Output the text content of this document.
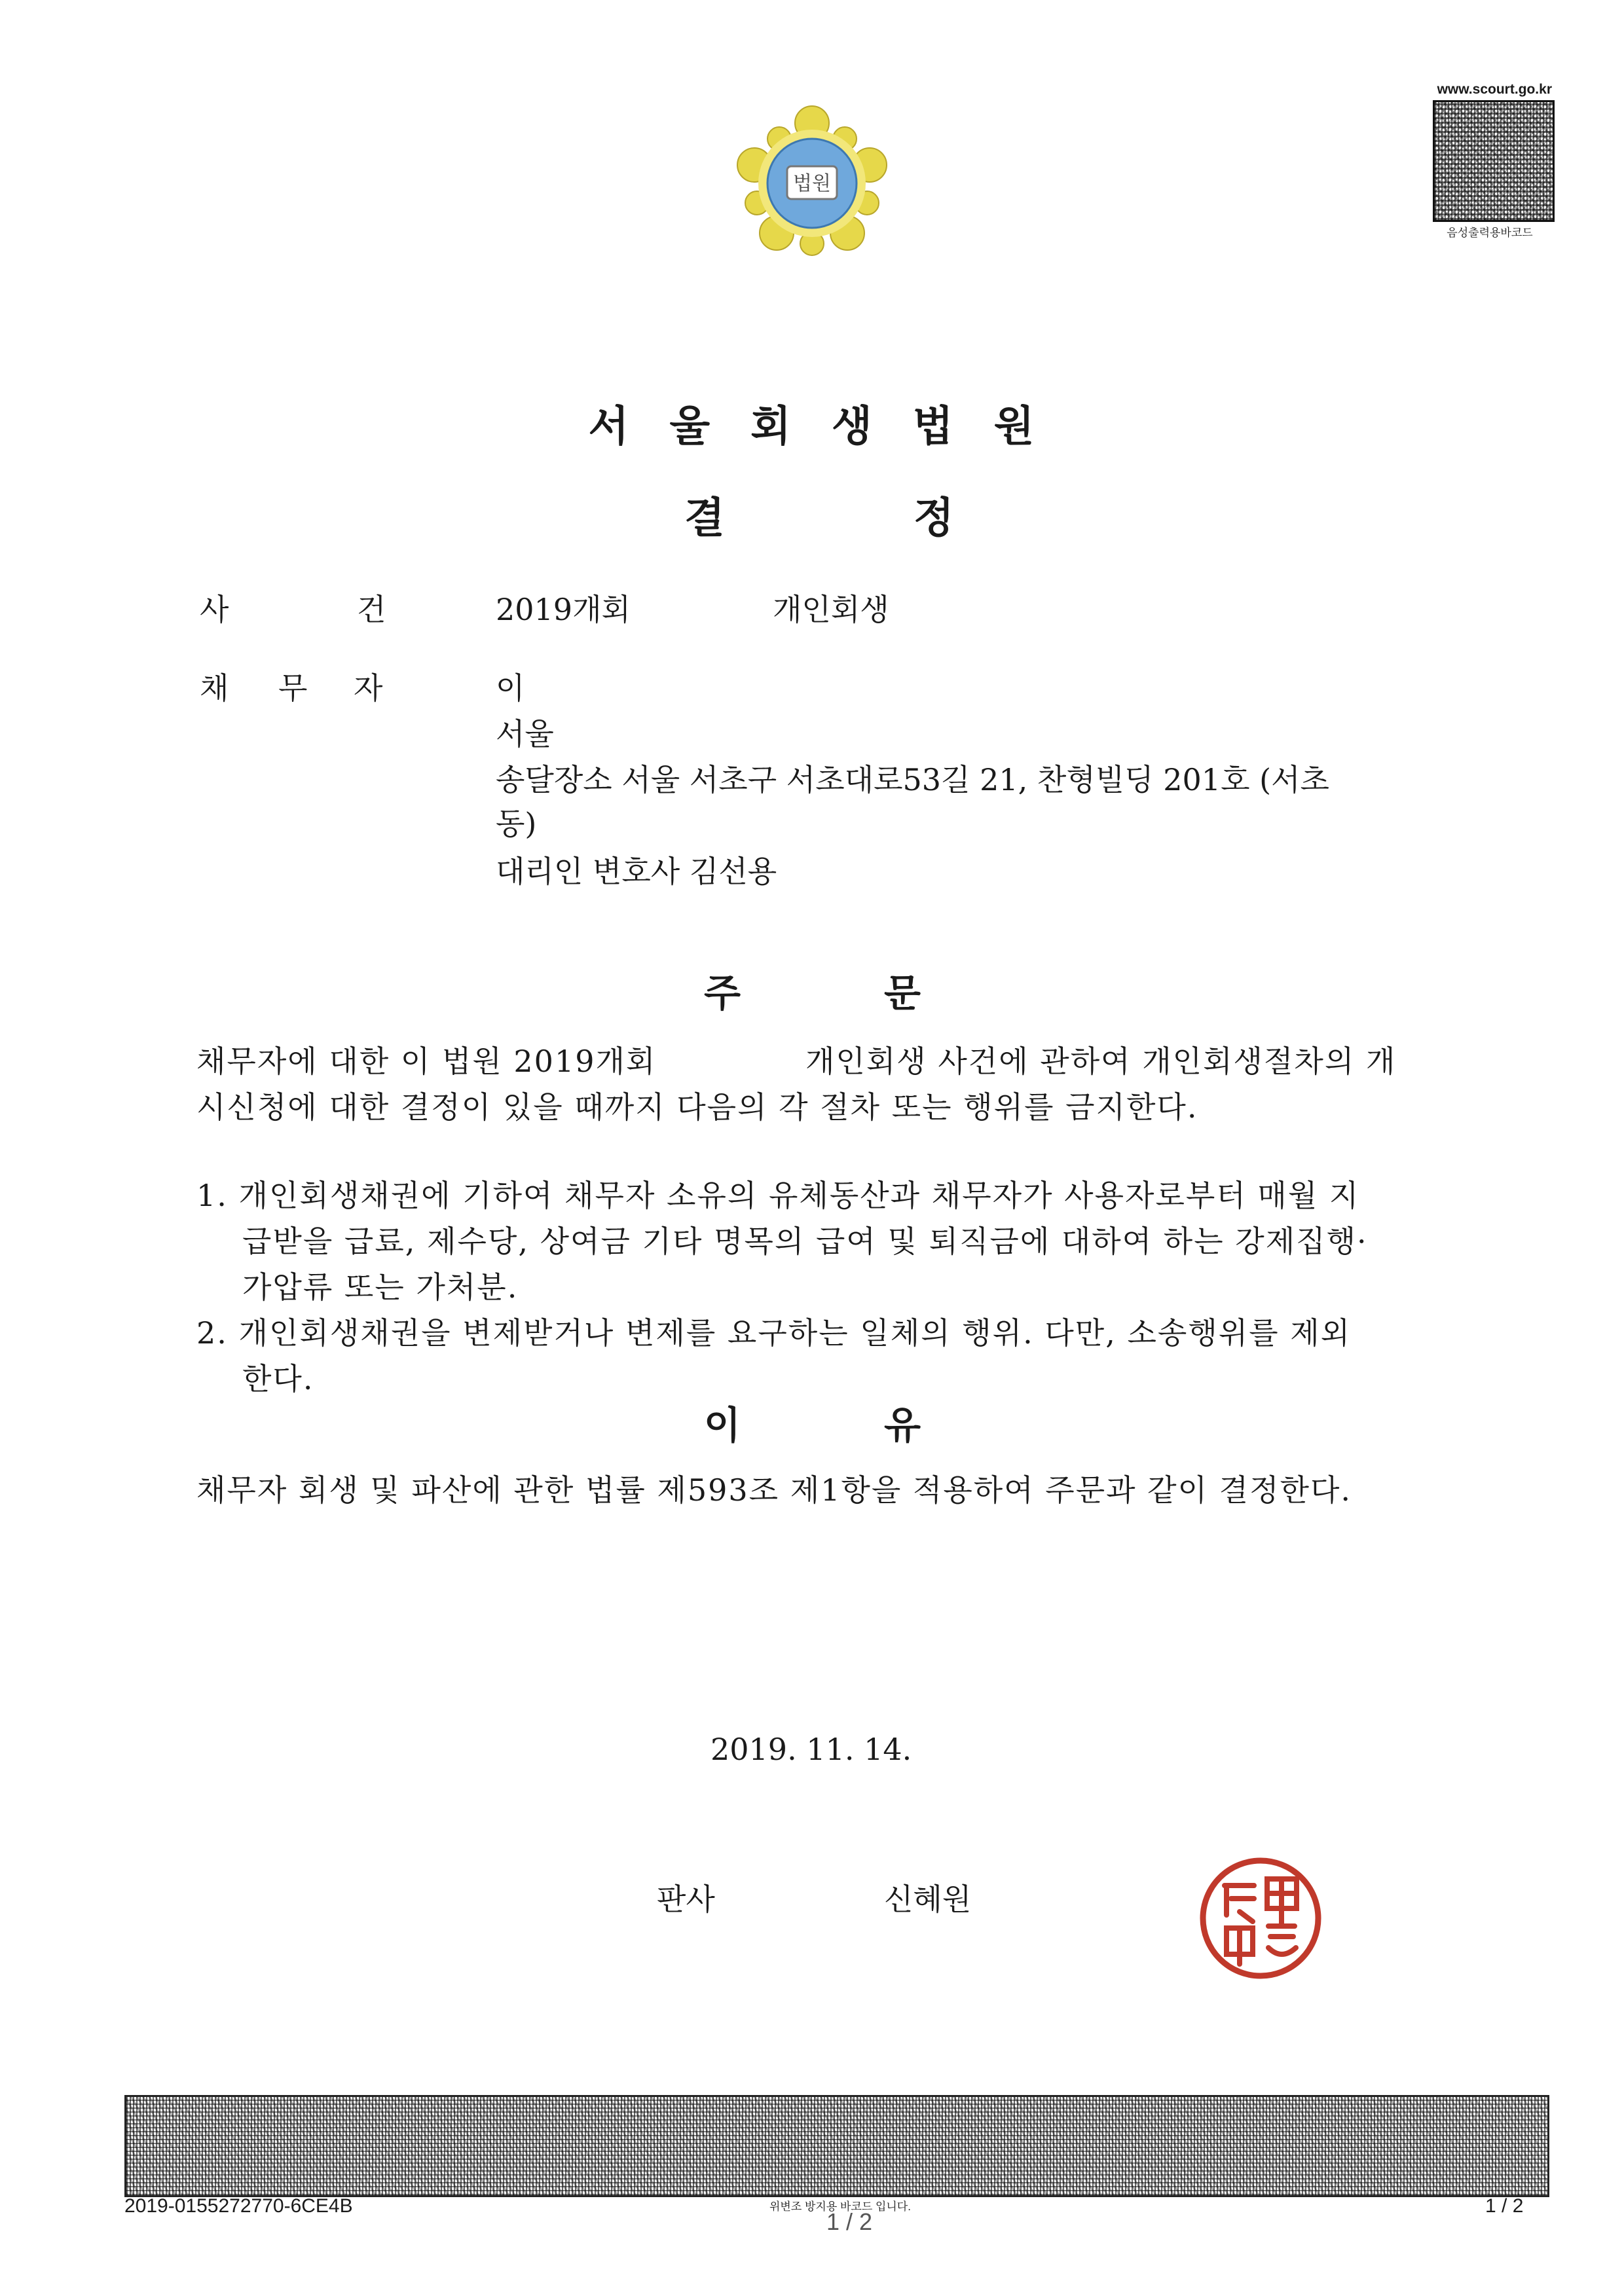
법원
www.scourt.go.kr
음성출력용바코드
서울회생법원
결	정
사	건	2019개회	개인회생
채 무 자	이
서울
송달장소 서울 서초구 서초대로53길 21, 찬형빌딩 201호 (서초
동)
대리인 변호사 김선용
주	문
채무자에 대한 이 법원 2019개회	개인회생 사건에 관하여 개인회생절차의 개
시신청에 대한 결정이 있을 때까지 다음의 각 절차 또는 행위를 금지한다.
1. 개인회생채권에 기하여 채무자 소유의 유체동산과 채무자가 사용자로부터 매월 지
급받을 급료, 제수당, 상여금 기타 명목의 급여 및 퇴직금에 대하여 하는 강제집행·
가압류 또는 가처분.
2. 개인회생채권을 변제받거나 변제를 요구하는 일체의 행위. 다만, 소송행위를 제외
한다.
이	유
채무자 회생 및 파산에 관한 법률 제593조 제1항을 적용하여 주문과 같이 결정한다.
2019. 11. 14.
판사	신혜원
2019-0155272770-6CE4B	위변조 방지용 바코드 입니다.
1 / 2
1 / 2
